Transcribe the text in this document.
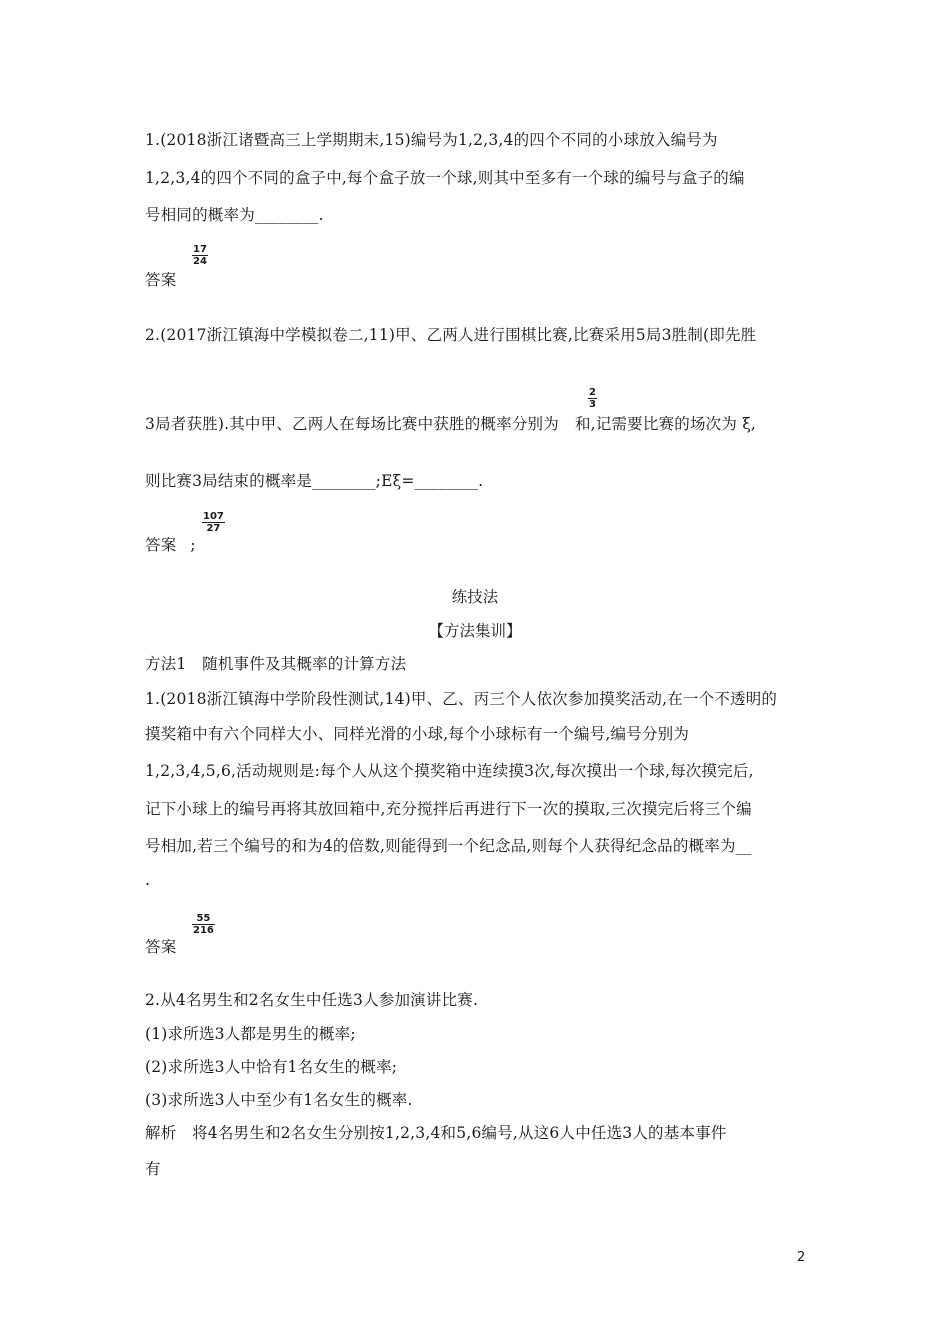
1.(2018浙江诸暨高三上学期期末,15)编号为1,2,3,4的四个不同的小球放入编号为
1,2,3,4的四个不同的盒子中,每个盒子放一个球,则其中至多有一个球的编号与盒子的编
号相同的概率为________.
答案
$\frac{17}{24}$
2.(2017浙江镇海中学模拟卷二,11)甲、乙两人进行围棋比赛,比赛采用5局3胜制(即先胜
3局者获胜).其中甲、乙两人在每场比赛中获胜的概率分别为 和,记需要比赛的场次为 ξ,
$\frac{2}{3}$
则比赛3局结束的概率是________;Eξ=________.
答案 ;
$\frac{107}{27}$
练技法
【方法集训】
方法1　随机事件及其概率的计算方法
1.(2018浙江镇海中学阶段性测试,14)甲、乙、丙三个人依次参加摸奖活动,在一个不透明的
摸奖箱中有六个同样大小、同样光滑的小球,每个小球标有一个编号,编号分别为
1,2,3,4,5,6,活动规则是:每个人从这个摸奖箱中连续摸3次,每次摸出一个球,每次摸完后,
记下小球上的编号再将其放回箱中,充分搅拌后再进行下一次的摸取,三次摸完后将三个编
号相加,若三个编号的和为4的倍数,则能得到一个纪念品,则每个人获得纪念品的概率为__
.
答案
$\frac{55}{216}$
2.从4名男生和2名女生中任选3人参加演讲比赛.
(1)求所选3人都是男生的概率;
(2)求所选3人中恰有1名女生的概率;
(3)求所选3人中至少有1名女生的概率.
解析　将4名男生和2名女生分别按1,2,3,4和5,6编号,从这6人中任选3人的基本事件
有
2
